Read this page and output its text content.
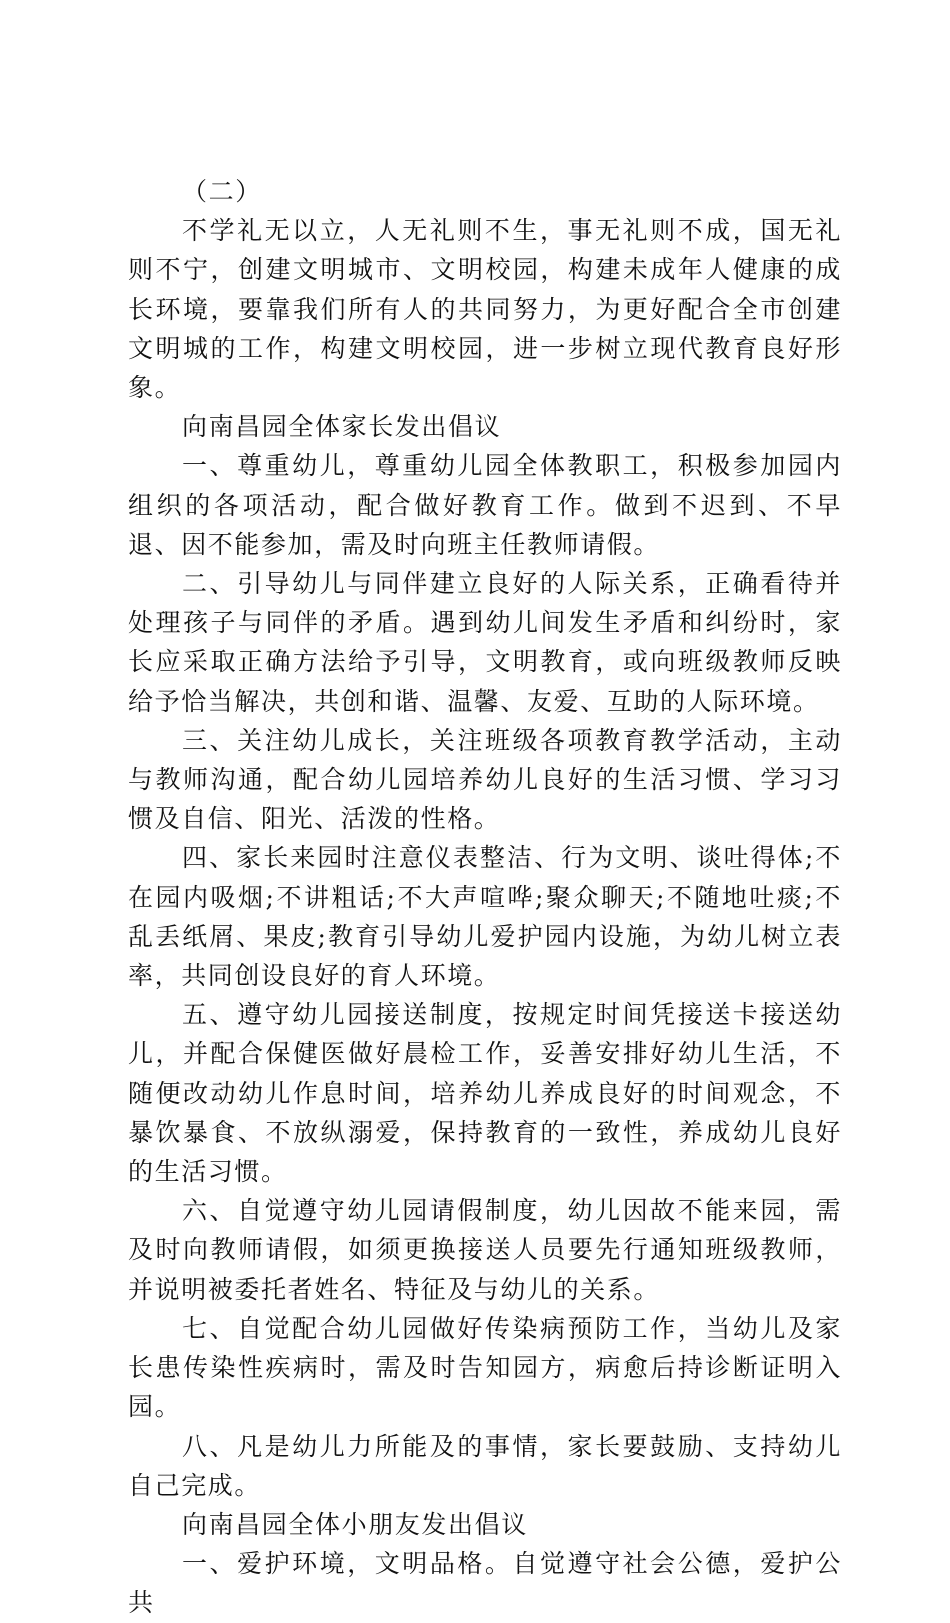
（二）

不学礼无以立，人无礼则不生，事无礼则不成，国无礼则不宁，创建文明城市、文明校园，构建未成年人健康的成长环境，要靠我们所有人的共同努力，为更好配合全市创建文明城的工作，构建文明校园，进一步树立现代教育良好形象。

向南昌园全体家长发出倡议

一、尊重幼儿，尊重幼儿园全体教职工，积极参加园内组织的各项活动，配合做好教育工作。做到不迟到、不早退、因不能参加，需及时向班主任教师请假。

二、引导幼儿与同伴建立良好的人际关系，正确看待并处理孩子与同伴的矛盾。遇到幼儿间发生矛盾和纠纷时，家长应采取正确方法给予引导，文明教育，或向班级教师反映给予恰当解决，共创和谐、温馨、友爱、互助的人际环境。

三、关注幼儿成长，关注班级各项教育教学活动，主动与教师沟通，配合幼儿园培养幼儿良好的生活习惯、学习习惯及自信、阳光、活泼的性格。

四、家长来园时注意仪表整洁、行为文明、谈吐得体;不在园内吸烟;不讲粗话;不大声喧哗;聚众聊天;不随地吐痰;不乱丢纸屑、果皮;教育引导幼儿爱护园内设施，为幼儿树立表率，共同创设良好的育人环境。

五、遵守幼儿园接送制度，按规定时间凭接送卡接送幼儿，并配合保健医做好晨检工作，妥善安排好幼儿生活，不随便改动幼儿作息时间，培养幼儿养成良好的时间观念，不暴饮暴食、不放纵溺爱，保持教育的一致性，养成幼儿良好的生活习惯。

六、自觉遵守幼儿园请假制度，幼儿因故不能来园，需及时向教师请假，如须更换接送人员要先行通知班级教师，并说明被委托者姓名、特征及与幼儿的关系。

七、自觉配合幼儿园做好传染病预防工作，当幼儿及家长患传染性疾病时，需及时告知园方，病愈后持诊断证明入园。

八、凡是幼儿力所能及的事情，家长要鼓励、支持幼儿自己完成。

向南昌园全体小朋友发出倡议

一、爱护环境，文明品格。自觉遵守社会公德，爱护公共
